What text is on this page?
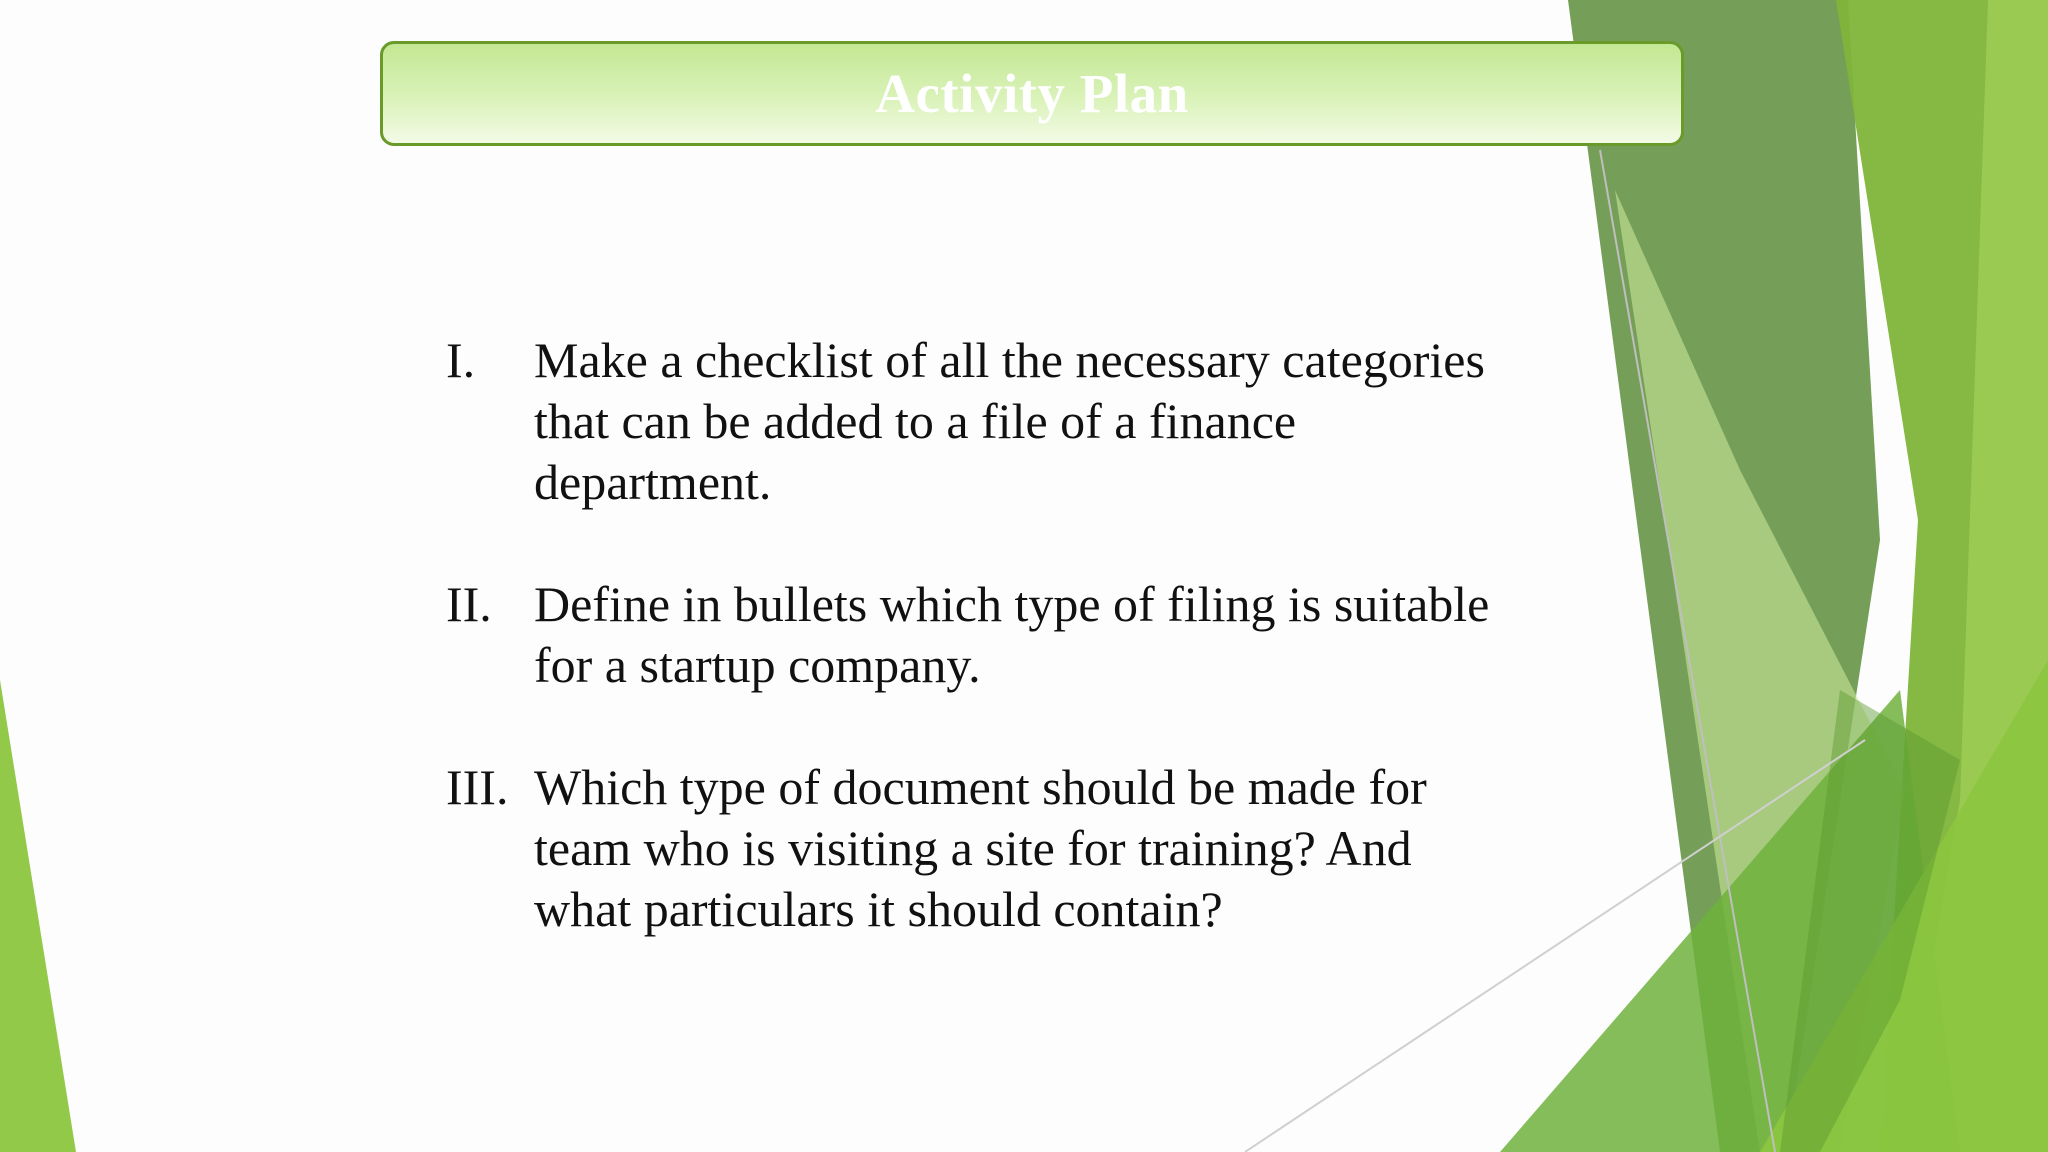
Activity Plan
I.	Make a checklist of all the necessary categories
that can be added to a file of a finance
department.
II. Define in bullets which type of filing is suitable
for a startup company.
III. Which type of document should be made for
team who is visiting a site for training? And
what particulars it should contain?
